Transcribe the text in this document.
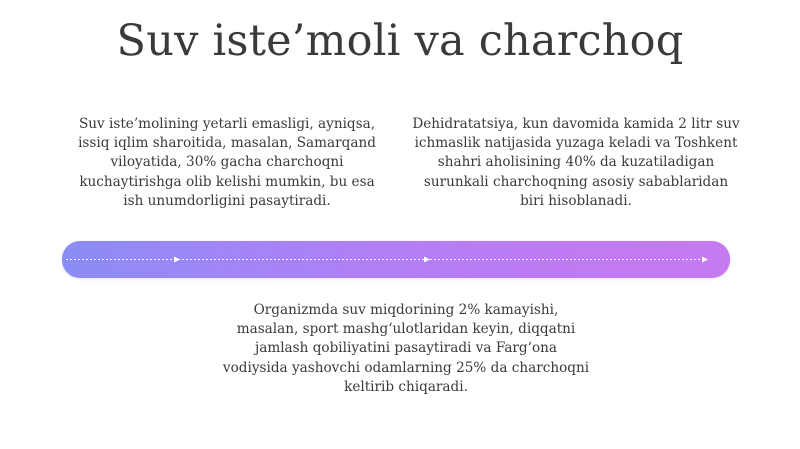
Suv iste’moli va charchoq

Suv iste’molining yetarli emasligi, ayniqsa, issiq iqlim sharoitida, masalan, Samarqand viloyatida, 30% gacha charchoqni kuchaytirishga olib kelishi mumkin, bu esa ish unumdorligini pasaytiradi.

Dehidratatsiya, kun davomida kamida 2 litr suv ichmaslik natijasida yuzaga keladi va Toshkent shahri aholisining 40% da kuzatiladigan surunkali charchoqning asosiy sabablaridan biri hisoblanadi.

Organizmda suv miqdorining 2% kamayishi, masalan, sport mashg‘ulotlaridan keyin, diqqatni jamlash qobiliyatini pasaytiradi va Farg‘ona vodiysida yashovchi odamlarning 25% da charchoqni keltirib chiqaradi.
